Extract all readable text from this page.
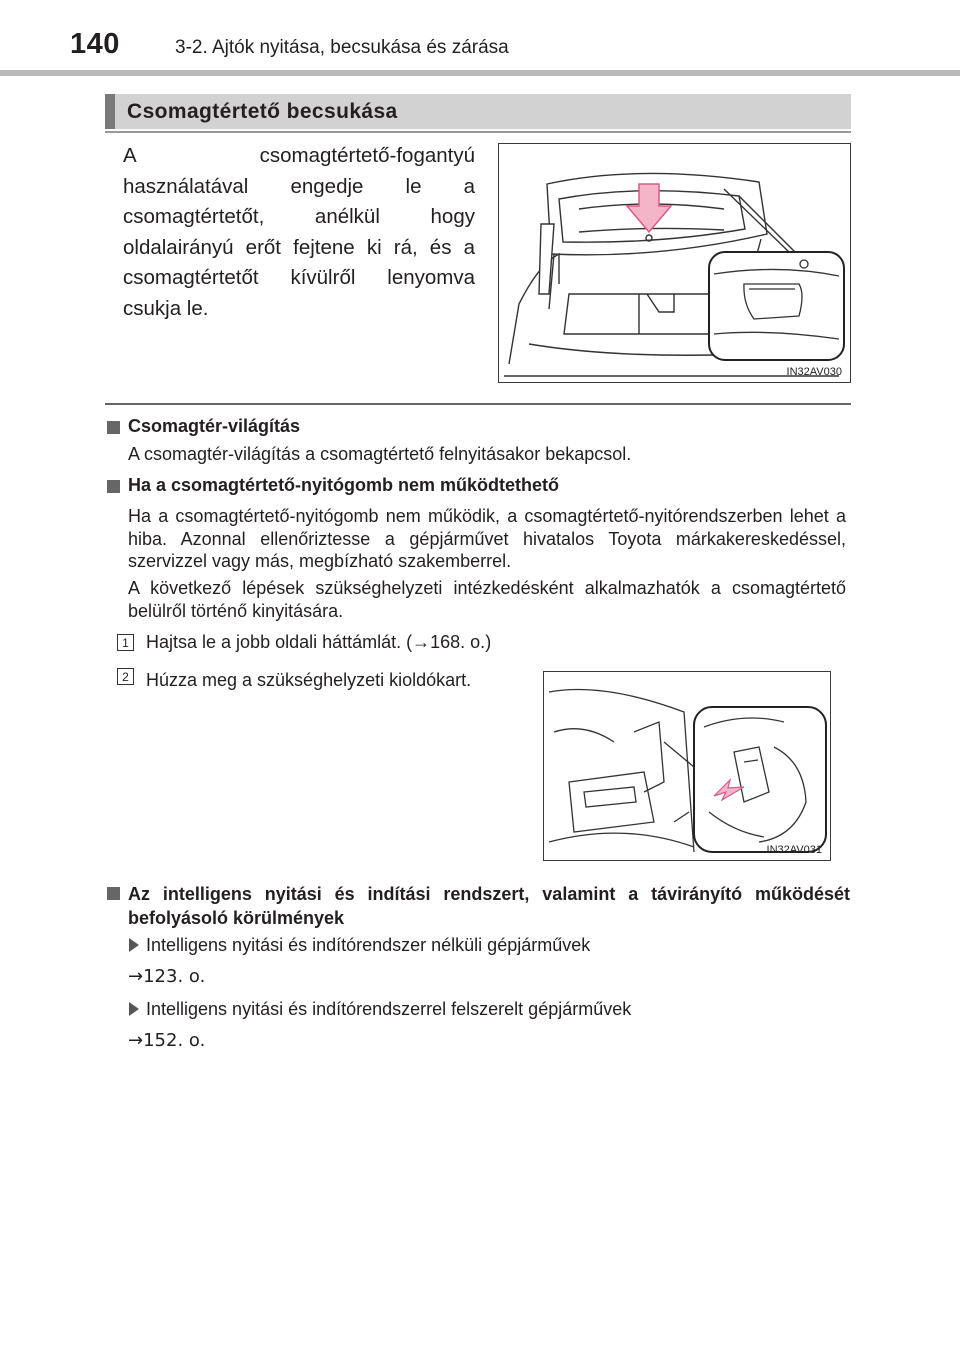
140	3-2. Ajtók nyitása, becsukása és zárása
Csomagtértető becsukása
A csomagtértető-fogantyú használatával engedje le a csomagtértetőt, anélkül hogy oldalairányú erőt fejtene ki rá, és a csomagtértetőt kívülről lenyomva csukja le.
IN32AV030
Csomagtér-világítás
A csomagtér-világítás a csomagtértető felnyitásakor bekapcsol.
Ha a csomagtértető-nyitógomb nem működtethető
Ha a csomagtértető-nyitógomb nem működik, a csomagtértető-nyitórendszerben lehet a hiba. Azonnal ellenőriztesse a gépjárművet hivatalos Toyota márkakereskedéssel, szervizzel vagy más, megbízható szakemberrel.
A következő lépések szükséghelyzeti intézkedésként alkalmazhatók a csomagtértető belülről történő kinyitására.
1 Hajtsa le a jobb oldali háttámlát. (→168. o.)
2 Húzza meg a szükséghelyzeti kioldókart.
IN32AV031
Az intelligens nyitási és indítási rendszert, valamint a távirányító működését befolyásoló körülmények
Intelligens nyitási és indítórendszer nélküli gépjárművek
→123. o.
Intelligens nyitási és indítórendszerrel felszerelt gépjárművek
→152. o.
